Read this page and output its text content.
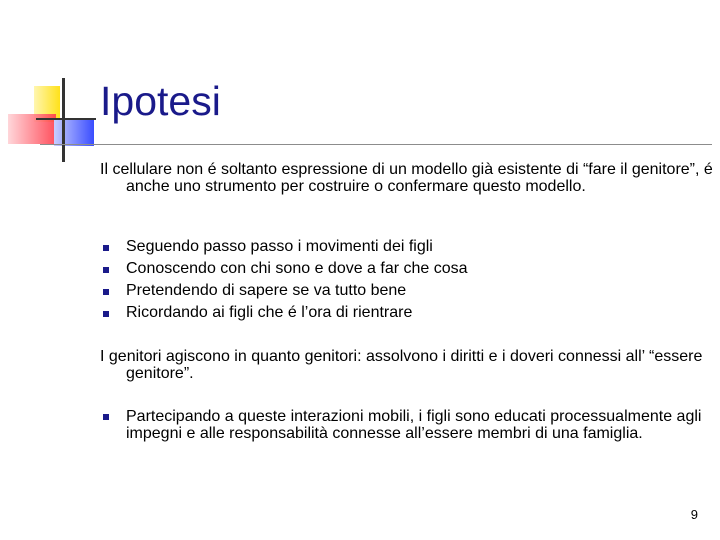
Ipotesi
Il cellulare non é soltanto espressione di un modello già esistente di “fare il genitore”, é anche uno strumento per costruire o confermare questo modello.
Seguendo passo passo i movimenti dei figli
Conoscendo con chi sono e dove a far che cosa
Pretendendo di sapere se va tutto bene
Ricordando ai figli che é l’ora di rientrare
I genitori agiscono in quanto genitori: assolvono i diritti e i doveri connessi all’ “essere genitore”.
Partecipando a queste interazioni mobili, i figli sono educati processualmente agli impegni e alle responsabilità connesse all’essere membri di una famiglia.
9
